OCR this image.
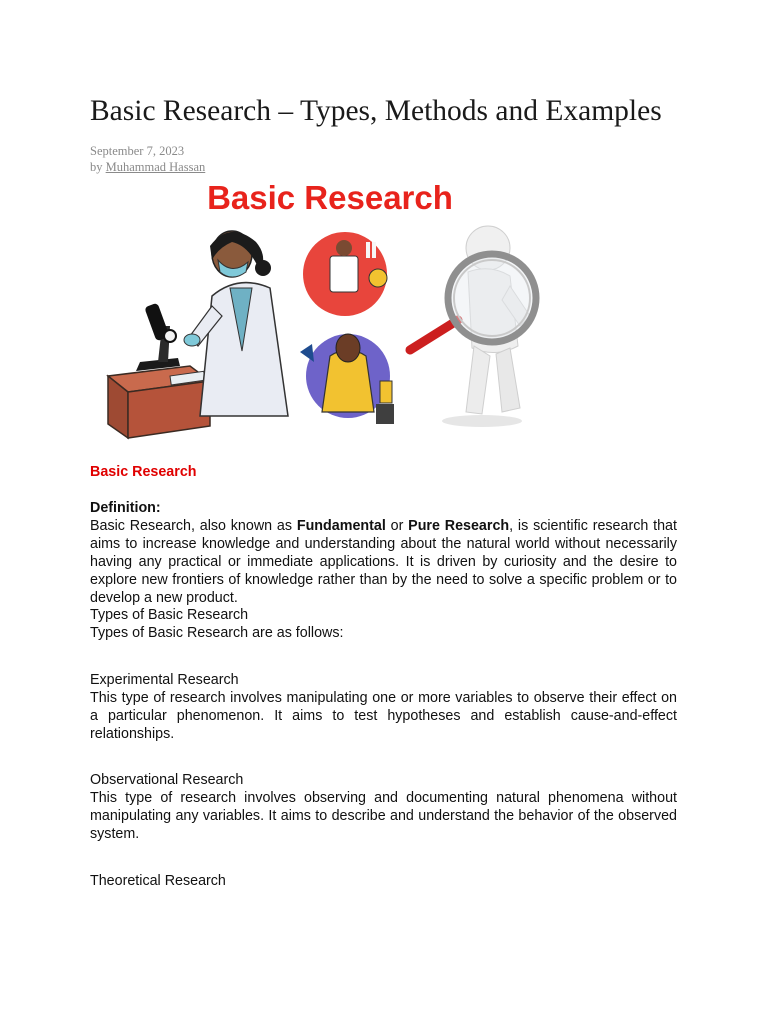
Basic Research – Types, Methods and Examples
September 7, 2023
by Muhammad Hassan
Basic Research

Basic Research

Definition:

Basic Research, also known as Fundamental or Pure Research, is scientific research that aims to increase knowledge and understanding about the natural world without necessarily having any practical or immediate applications. It is driven by curiosity and the desire to explore new frontiers of knowledge rather than by the need to solve a specific problem or to develop a new product.

Types of Basic Research

Types of Basic Research are as follows:

Experimental Research

This type of research involves manipulating one or more variables to observe their effect on a particular phenomenon. It aims to test hypotheses and establish cause-and-effect relationships.

Observational Research

This type of research involves observing and documenting natural phenomena without manipulating any variables. It aims to describe and understand the behavior of the observed system.

Theoretical Research
